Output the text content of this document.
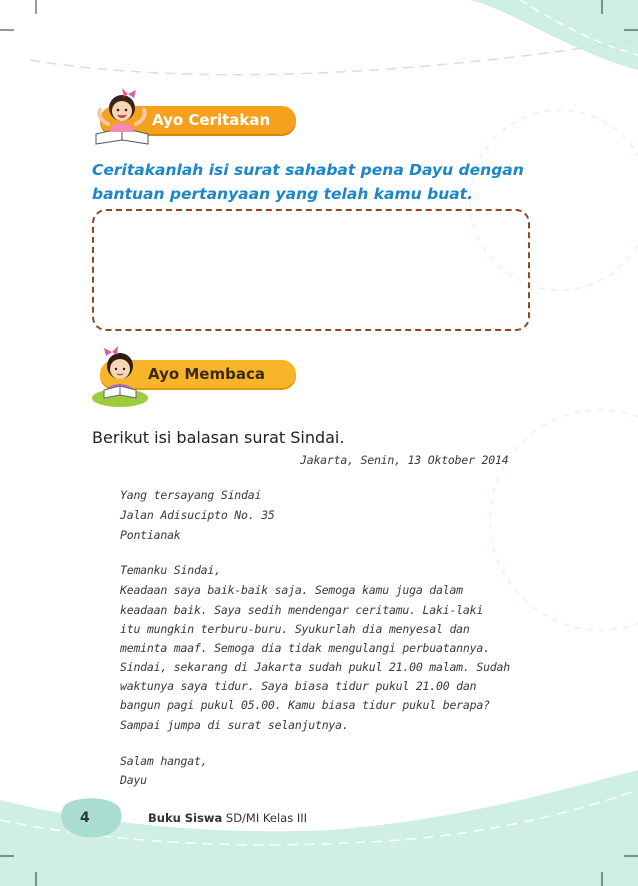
Ayo Ceritakan
Ceritakanlah isi surat sahabat pena Dayu dengan bantuan pertanyaan yang telah kamu buat.
Ayo Membaca
Berikut isi balasan surat Sindai.
Jakarta, Senin, 13 Oktober 2014
Yang tersayang Sindai
Jalan Adisucipto No. 35
Pontianak
Temanku Sindai,
Keadaan saya baik-baik saja. Semoga kamu juga dalam
keadaan baik. Saya sedih mendengar ceritamu. Laki-laki
itu mungkin terburu-buru. Syukurlah dia menyesal dan
meminta maaf. Semoga dia tidak mengulangi perbuatannya.
Sindai, sekarang di Jakarta sudah pukul 21.00 malam. Sudah
waktunya saya tidur. Saya biasa tidur pukul 21.00 dan
bangun pagi pukul 05.00. Kamu biasa tidur pukul berapa?
Sampai jumpa di surat selanjutnya.
Salam hangat,
Dayu
4	Buku Siswa SD/MI Kelas III
